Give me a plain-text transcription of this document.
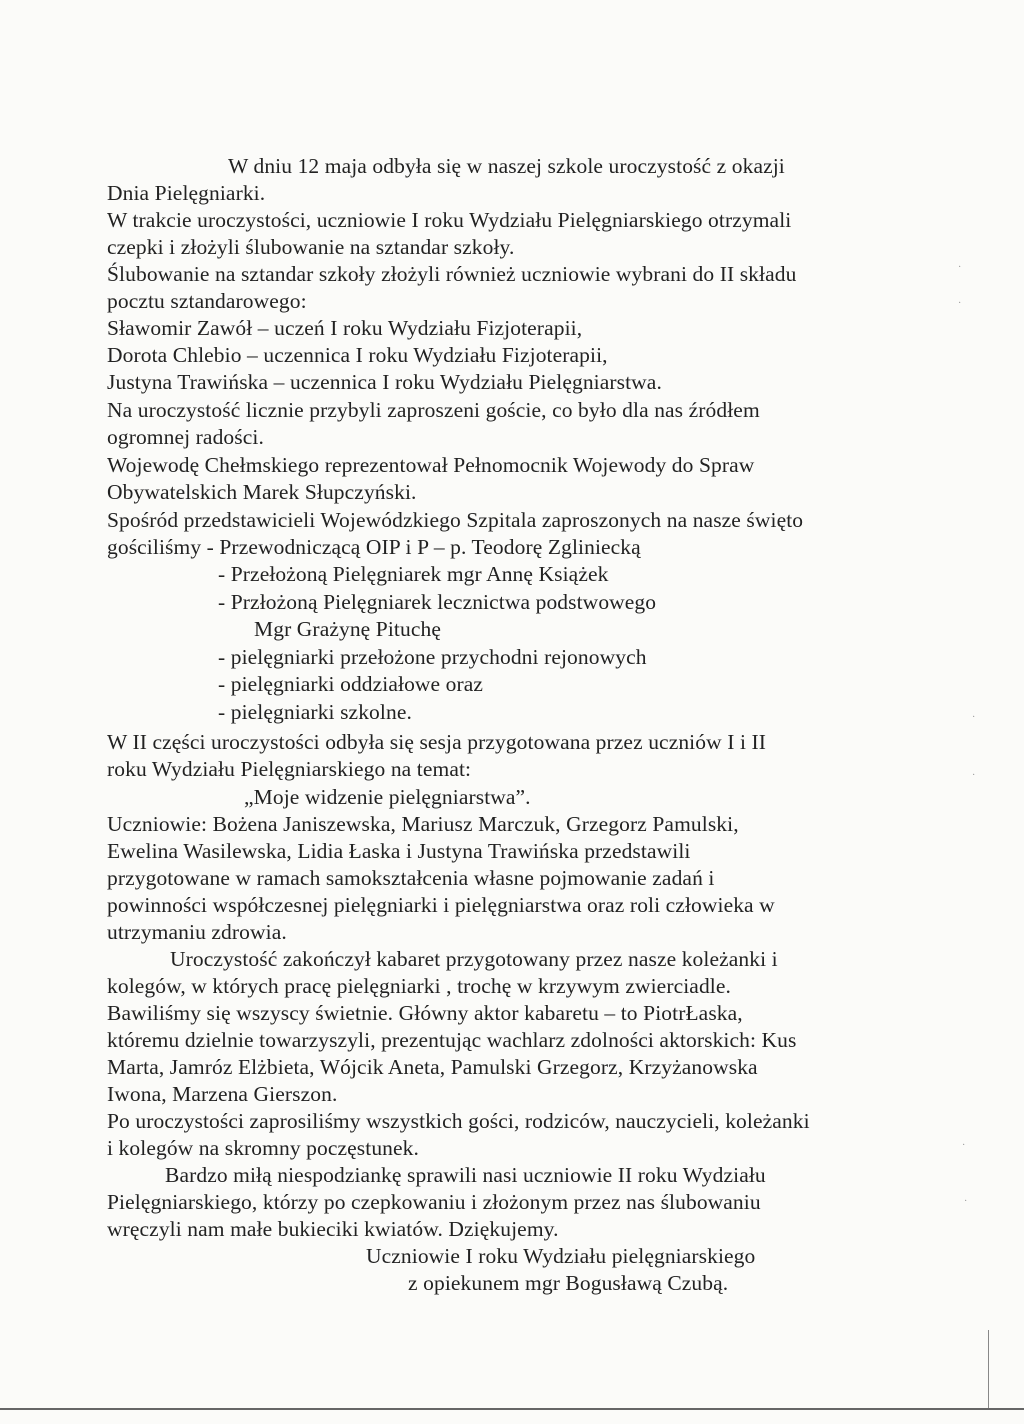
W dniu 12 maja odbyła się w naszej szkole uroczystość z okazji
Dnia Pielęgniarki.
W trakcie uroczystości, uczniowie I roku Wydziału Pielęgniarskiego otrzymali
czepki i złożyli ślubowanie na sztandar szkoły.
Ślubowanie na sztandar szkoły złożyli również uczniowie wybrani do II składu
pocztu sztandarowego:
Sławomir Zawół – uczeń I roku Wydziału Fizjoterapii,
Dorota Chlebio – uczennica I roku Wydziału Fizjoterapii,
Justyna Trawińska – uczennica I roku Wydziału Pielęgniarstwa.
Na uroczystość licznie przybyli zaproszeni goście, co było dla nas źródłem
ogromnej radości.
Wojewodę Chełmskiego reprezentował Pełnomocnik Wojewody do Spraw
Obywatelskich Marek Słupczyński.
Spośród przedstawicieli Wojewódzkiego Szpitala zaproszonych na nasze święto
gościliśmy - Przewodniczącą OIP i P – p. Teodorę Zgliniecką
- Przełożoną Pielęgniarek mgr Annę Książek
- Przłożoną Pielęgniarek lecznictwa podstwowego
Mgr Grażynę Pituchę
- pielęgniarki przełożone przychodni rejonowych
- pielęgniarki oddziałowe oraz
- pielęgniarki szkolne.
W II części uroczystości odbyła się sesja przygotowana przez uczniów I i II
roku Wydziału Pielęgniarskiego na temat:
„Moje widzenie pielęgniarstwa”.
Uczniowie: Bożena Janiszewska, Mariusz Marczuk, Grzegorz Pamulski,
Ewelina Wasilewska, Lidia Łaska i Justyna Trawińska przedstawili
przygotowane w ramach samokształcenia własne pojmowanie zadań i
powinności współczesnej pielęgniarki i pielęgniarstwa oraz roli człowieka w
utrzymaniu zdrowia.
Uroczystość zakończył kabaret przygotowany przez nasze koleżanki i
kolegów, w których pracę pielęgniarki , trochę w krzywym zwierciadle.
Bawiliśmy się wszyscy świetnie. Główny aktor kabaretu – to PiotrŁaska,
któremu dzielnie towarzyszyli, prezentując wachlarz zdolności aktorskich: Kus
Marta, Jamróz Elżbieta, Wójcik Aneta, Pamulski Grzegorz, Krzyżanowska
Iwona, Marzena Gierszon.
Po uroczystości zaprosiliśmy wszystkich gości, rodziców, nauczycieli, koleżanki
i kolegów na skromny poczęstunek.
Bardzo miłą niespodziankę sprawili nasi uczniowie II roku Wydziału
Pielęgniarskiego, którzy po czepkowaniu i złożonym przez nas ślubowaniu
wręczyli nam małe bukieciki kwiatów. Dziękujemy.
Uczniowie I roku Wydziału pielęgniarskiego
z opiekunem mgr Bogusławą Czubą.
·
·
·
·
·
·
